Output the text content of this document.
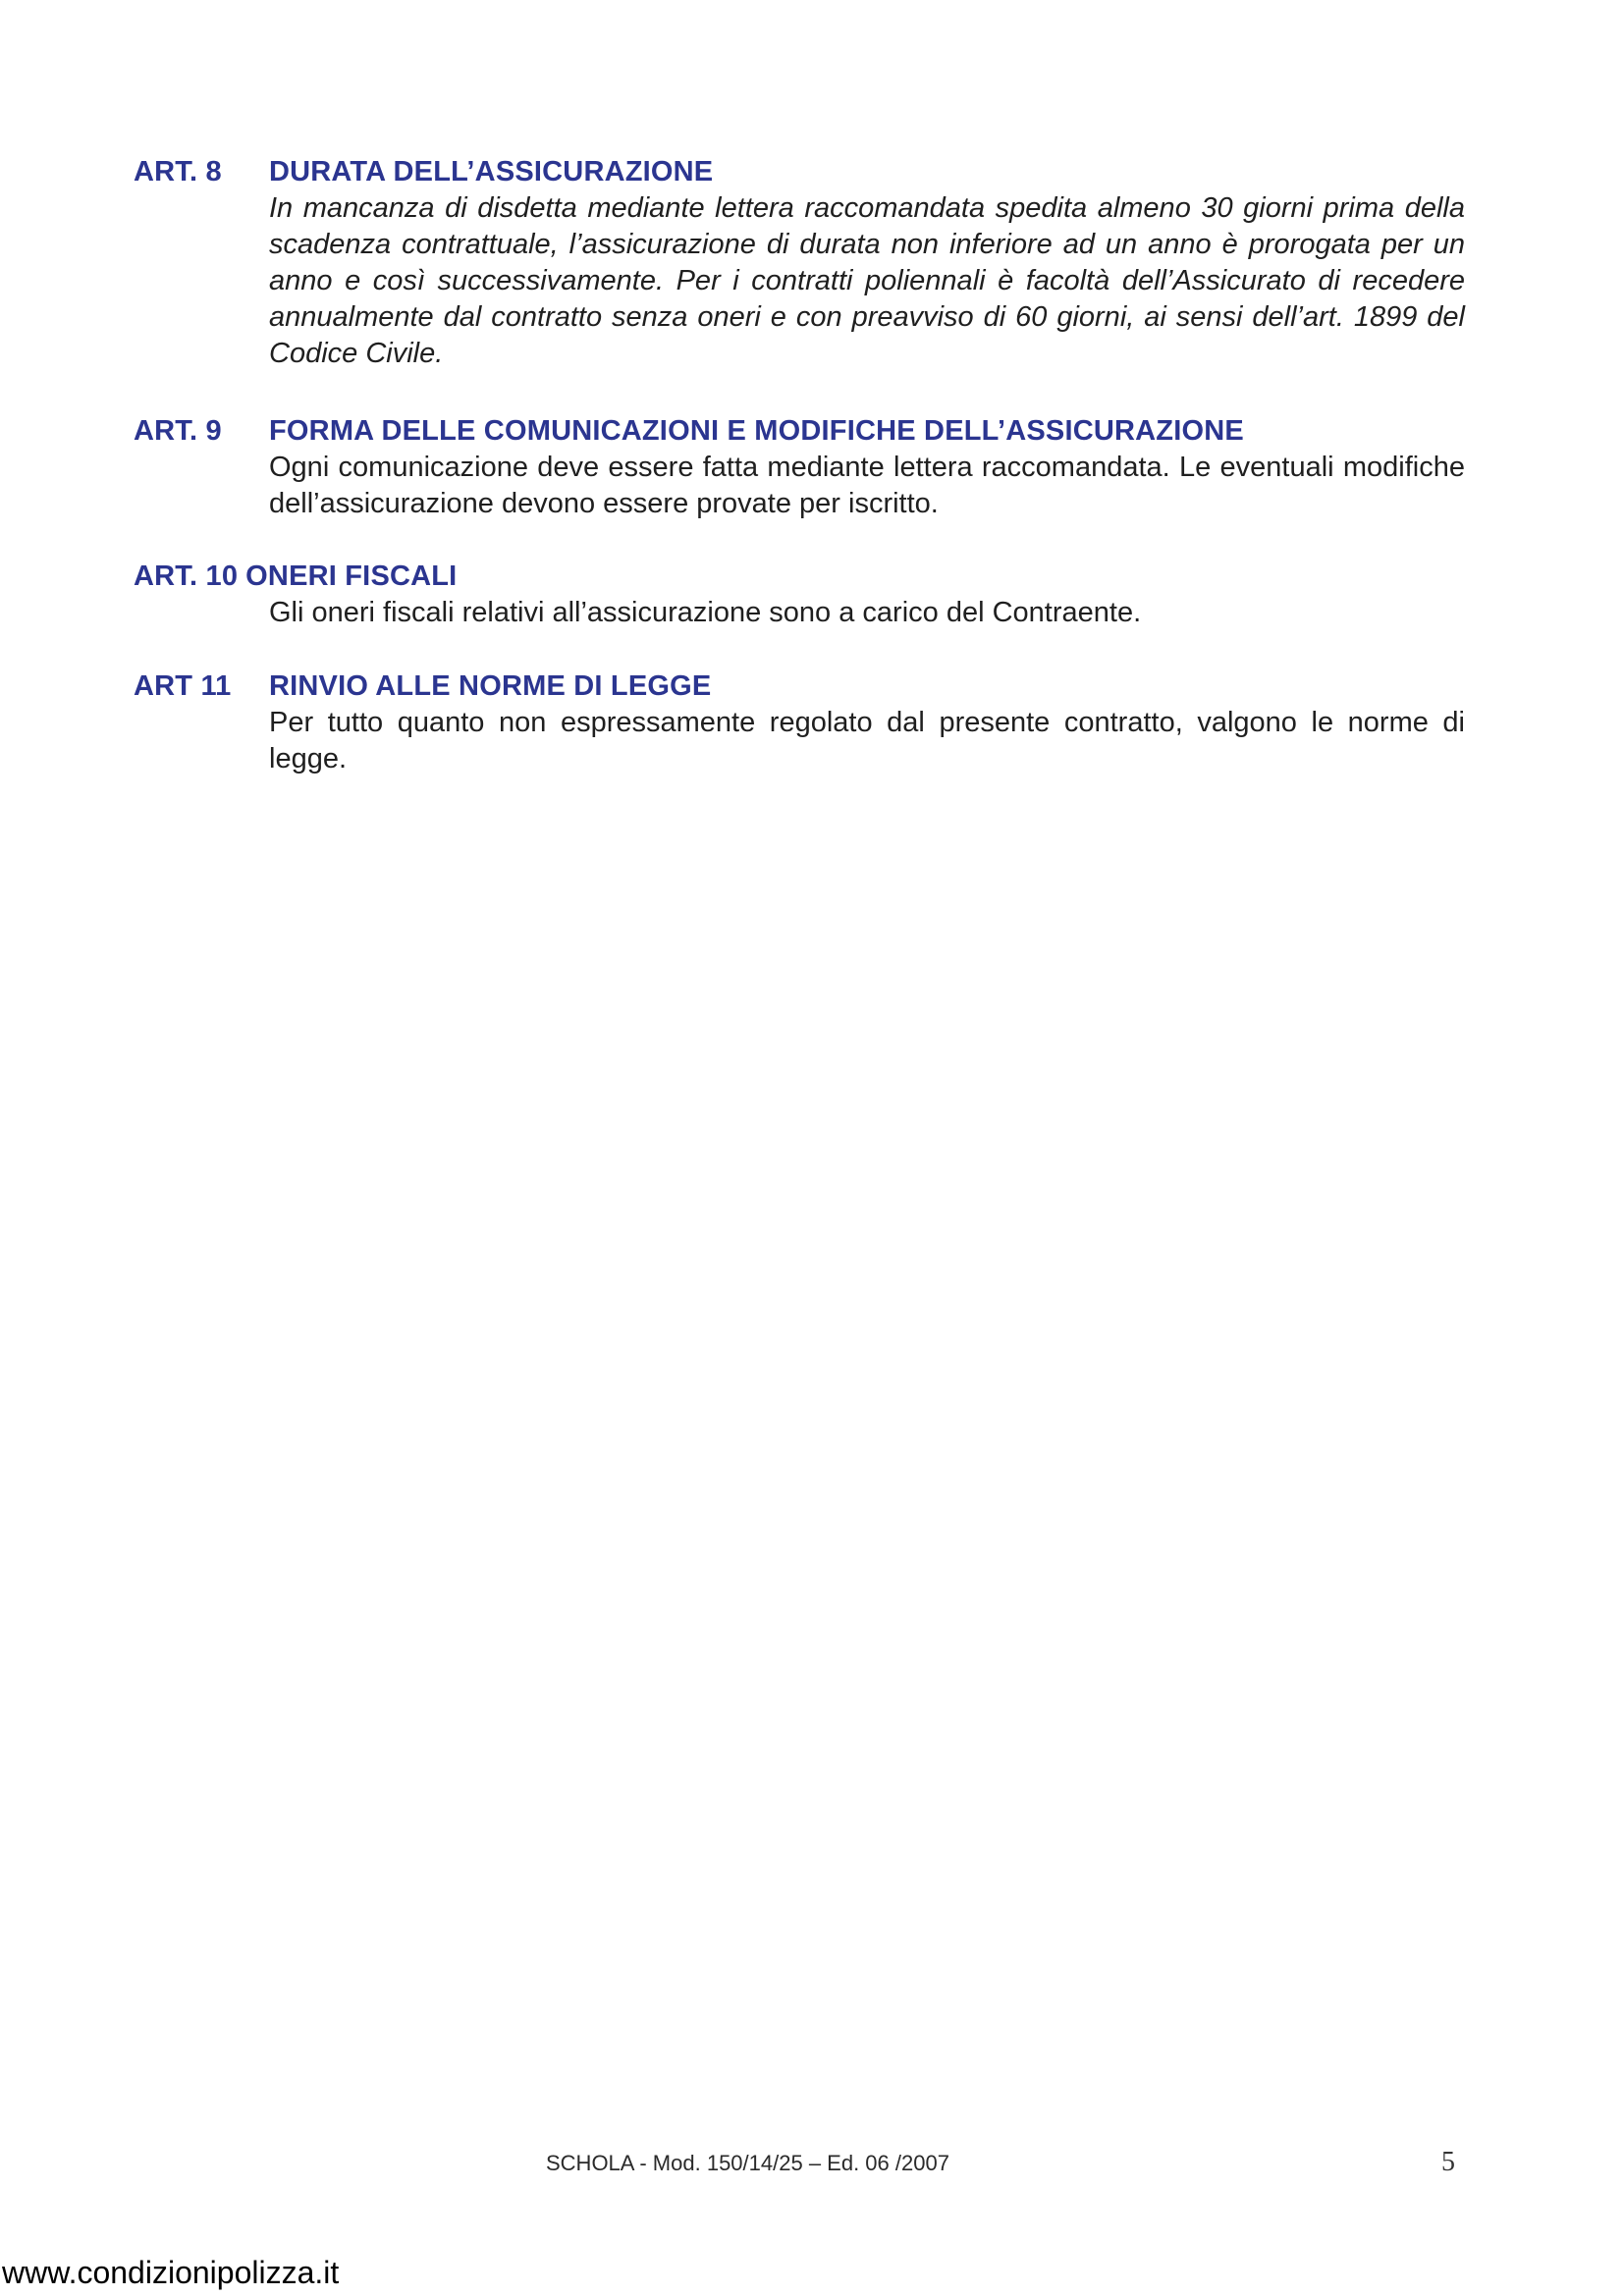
ART. 8	DURATA DELL’ASSICURAZIONE
In mancanza di disdetta mediante lettera raccomandata spedita almeno 30 giorni prima della scadenza contrattuale, l’assicurazione di durata non inferiore ad un anno è prorogata per un anno e così successivamente. Per i contratti poliennali è facoltà dell’Assicurato di recedere annualmente dal contratto senza oneri e con preavviso di 60 giorni, ai sensi dell’art. 1899 del Codice Civile.
ART. 9	FORMA DELLE COMUNICAZIONI E MODIFICHE DELL’ASSICURAZIONE
Ogni comunicazione deve essere fatta mediante lettera raccomandata. Le eventuali modifiche dell’assicurazione devono essere provate per iscritto.
ART. 10 ONERI FISCALI
Gli oneri fiscali relativi all’assicurazione sono a carico del Contraente.
ART 11	RINVIO ALLE NORME DI LEGGE
Per tutto quanto non espressamente regolato dal presente contratto, valgono le norme di legge.
SCHOLA - Mod. 150/14/25 – Ed. 06 /2007	5
www.condizionipolizza.it
